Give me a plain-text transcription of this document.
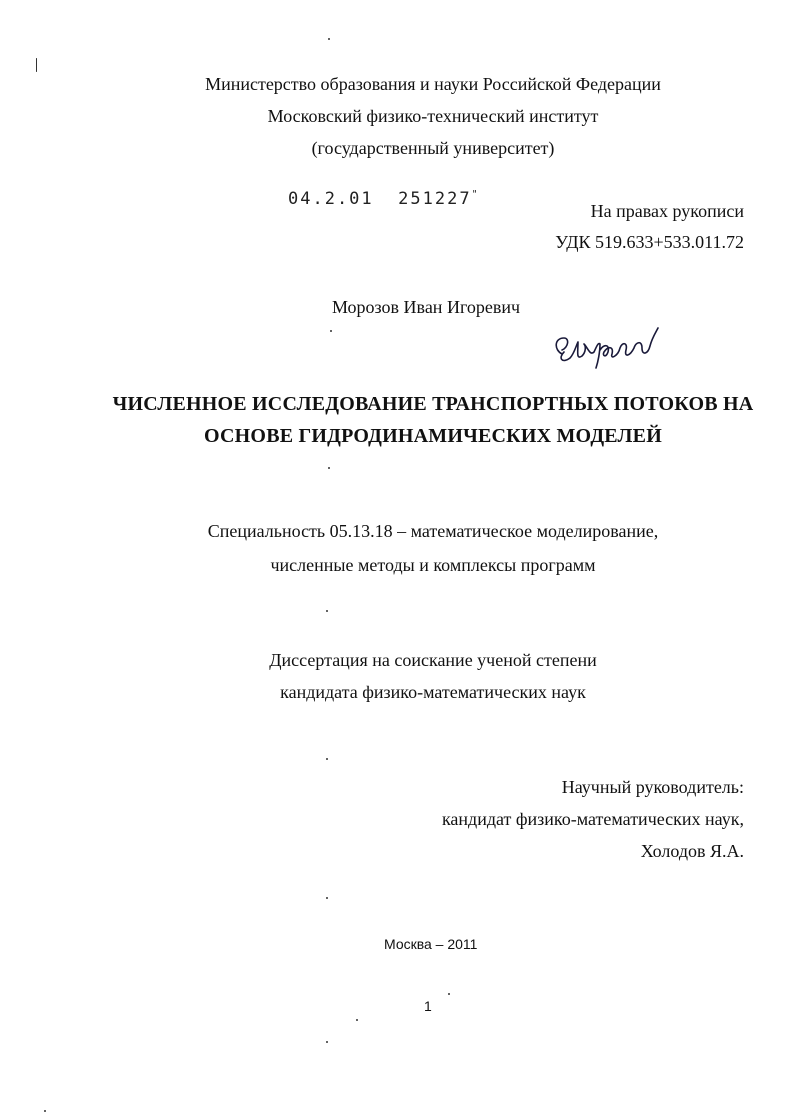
Министерство образования и науки Российской Федерации
Московский физико-технический институт
(государственный университет)
04.2.01 251227"
На правах рукописи
УДК 519.633+533.011.72
Морозов Иван Игоревич
ЧИСЛЕННОЕ ИССЛЕДОВАНИЕ ТРАНСПОРТНЫХ ПОТОКОВ НА
ОСНОВЕ ГИДРОДИНАМИЧЕСКИХ МОДЕЛЕЙ
Специальность 05.13.18 – математическое моделирование,
численные методы и комплексы программ
Диссертация на соискание ученой степени
кандидата физико-математических наук
Научный руководитель:
кандидат физико-математических наук,
Холодов Я.А.
Москва – 2011
1
